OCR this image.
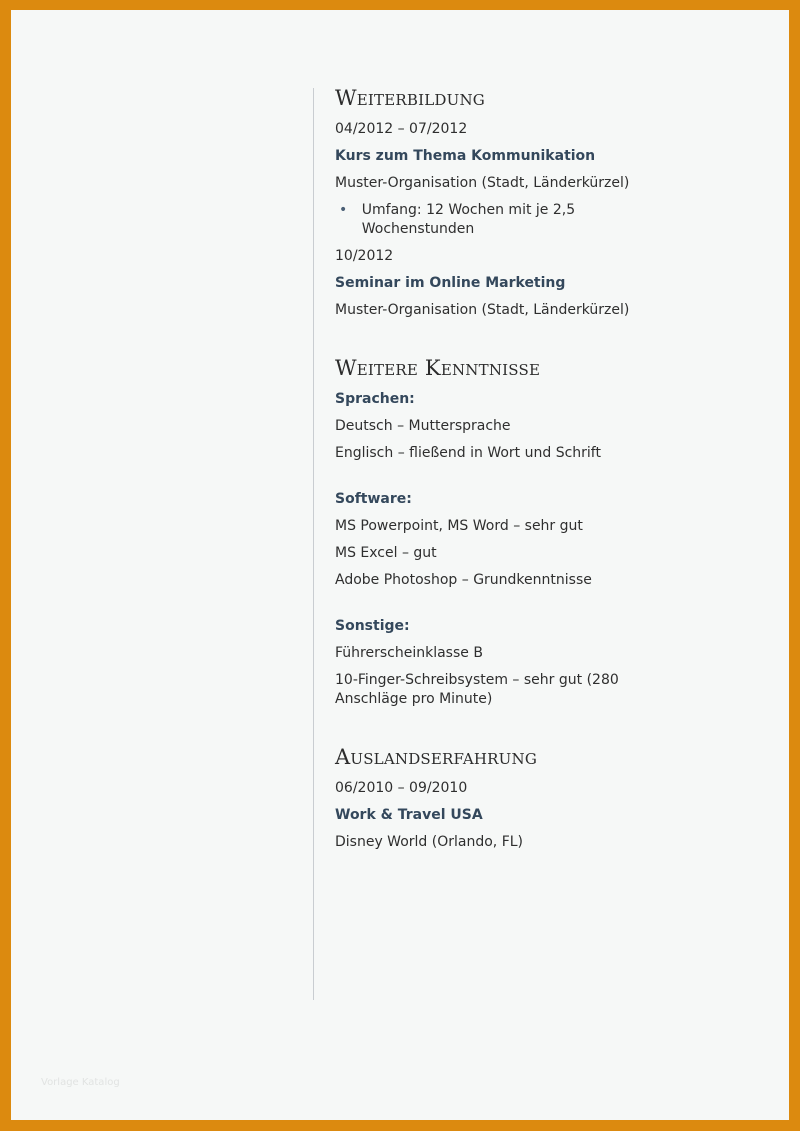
Weiterbildung
04/2012 – 07/2012
Kurs zum Thema Kommunikation
Muster-Organisation (Stadt, Länderkürzel)
•	Umfang: 12 Wochen mit je 2,5 Wochenstunden
10/2012
Seminar im Online Marketing
Muster-Organisation (Stadt, Länderkürzel)
Weitere Kenntnisse
Sprachen:
Deutsch – Muttersprache
Englisch – fließend in Wort und Schrift
Software:
MS Powerpoint, MS Word – sehr gut
MS Excel – gut
Adobe Photoshop – Grundkenntnisse
Sonstige:
Führerscheinklasse B
10-Finger-Schreibsystem – sehr gut (280 Anschläge pro Minute)
Auslandserfahrung
06/2010 – 09/2010
Work & Travel USA
Disney World (Orlando, FL)
Vorlage Katalog
